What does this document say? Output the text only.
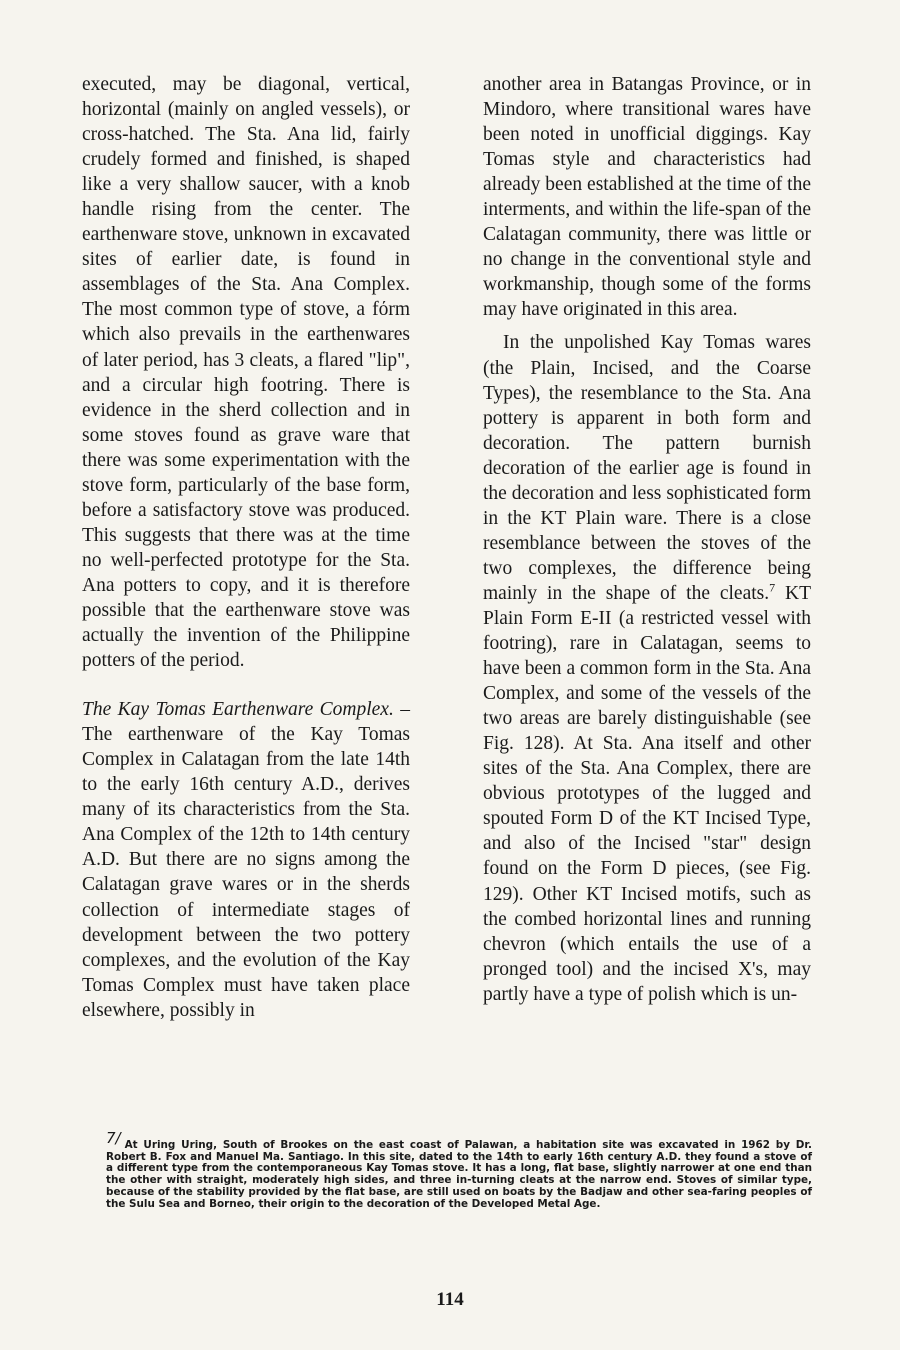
executed, may be diagonal, vertical, horizontal (mainly on angled vessels), or cross-hatched. The Sta. Ana lid, fairly crudely formed and finished, is shaped like a very shallow saucer, with a knob handle rising from the center. The earthenware stove, unknown in excavated sites of earlier date, is found in assemblages of the Sta. Ana Complex. The most common type of stove, a fόrm which also prevails in the earthenwares of later period, has 3 cleats, a flared "lip", and a circular high footring. There is evidence in the sherd collection and in some stoves found as grave ware that there was some experimentation with the stove form, particularly of the base form, before a satisfactory stove was produced. This suggests that there was at the time no well-perfected prototype for the Sta. Ana potters to copy, and it is therefore possible that the earthenware stove was actually the invention of the Philippine potters of the period.

The Kay Tomas Earthenware Complex. – The earthenware of the Kay Tomas Complex in Calatagan from the late 14th to the early 16th century A.D., derives many of its characteristics from the Sta. Ana Complex of the 12th to 14th century A.D. But there are no signs among the Calatagan grave wares or in the sherds collection of intermediate stages of development between the two pottery complexes, and the evolution of the Kay Tomas Complex must have taken place elsewhere, possibly in

another area in Batangas Province, or in Mindoro, where transitional wares have been noted in unofficial diggings. Kay Tomas style and characteristics had already been established at the time of the interments, and within the life-span of the Calatagan community, there was little or no change in the conventional style and workmanship, though some of the forms may have originated in this area.

In the unpolished Kay Tomas wares (the Plain, Incised, and the Coarse Types), the resemblance to the Sta. Ana pottery is apparent in both form and decoration. The pattern burnish decoration of the earlier age is found in the decoration and less sophisticated form in the KT Plain ware. There is a close resemblance between the stoves of the two complexes, the difference being mainly in the shape of the cleats.$^7$ KT Plain Form E-II (a restricted vessel with footring), rare in Calatagan, seems to have been a common form in the Sta. Ana Complex, and some of the vessels of the two areas are barely distinguishable (see Fig. 128). At Sta. Ana itself and other sites of the Sta. Ana Complex, there are obvious prototypes of the lugged and spouted Form D of the KT Incised Type, and also of the Incised "star" design found on the Form D pieces, (see Fig. 129). Other KT Incised motifs, such as the combed horizontal lines and running chevron (which entails the use of a pronged tool) and the incised X's, may partly have a type of polish which is un-

7/ At Uring Uring, South of Brookes on the east coast of Palawan, a habitation site was excavated in 1962 by Dr. Robert B. Fox and Manuel Ma. Santiago. In this site, dated to the 14th to early 16th century A.D. they found a stove of a different type from the contemporaneous Kay Tomas stove. It has a long, flat base, slightly narrower at one end than the other with straight, moderately high sides, and three in-turning cleats at the narrow end. Stoves of similar type, because of the stability provided by the flat base, are still used on boats by the Badjaw and other sea-faring peoples of the Sulu Sea and Borneo, their origin to the decoration of the Developed Metal Age.
114
